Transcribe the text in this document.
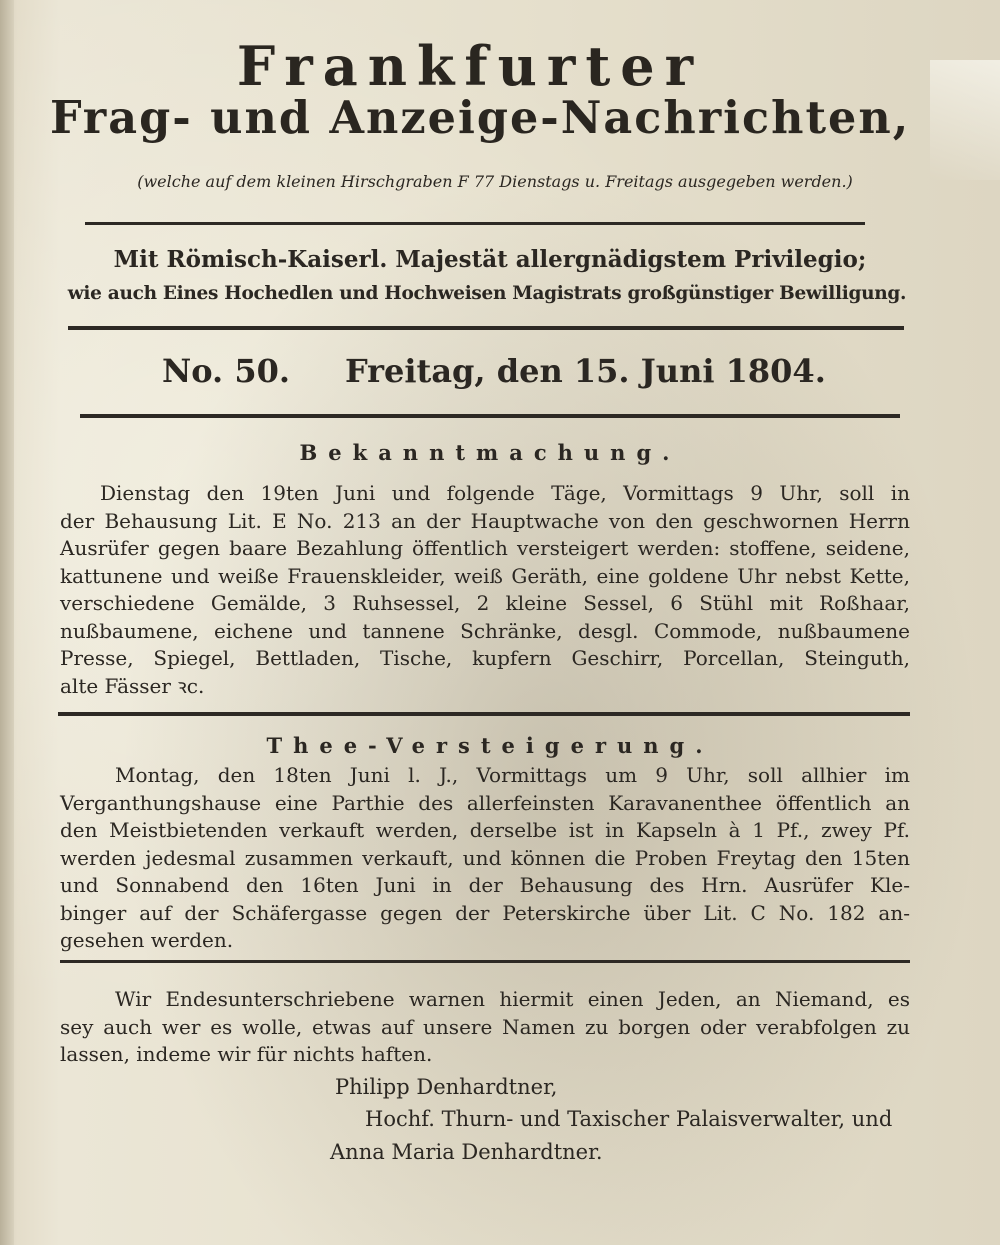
Frankfurter
Frag- und Anzeige-Nachrichten,
(welche auf dem kleinen Hirschgraben F 77 Dienstags u. Freitags ausgegeben werden.)
Mit Römisch-Kaiserl. Majestät allergnädigstem Privilegio;
wie auch Eines Hochedlen und Hochweisen Magistrats großgünstiger Bewilligung.
No. 50. Freitag, den 15. Juni 1804.
Bekanntmachung.
Dienstag den 19ten Juni und folgende Täge, Vormittags 9 Uhr, soll in
der Behausung Lit. E No. 213 an der Hauptwache von den geschwornen Herrn
Ausrüfer gegen baare Bezahlung öffentlich versteigert werden: stoffene, seidene,
kattunene und weiße Frauenskleider, weiß Geräth, eine goldene Uhr nebst Kette,
verschiedene Gemälde, 3 Ruhsessel, 2 kleine Sessel, 6 Stühl mit Roßhaar,
nußbaumene, eichene und tannene Schränke, desgl. Commode, nußbaumene
Presse, Spiegel, Bettladen, Tische, kupfern Geschirr, Porcellan, Steinguth,
alte Fässer ꝛc.
Thee-Versteigerung.
Montag, den 18ten Juni l. J., Vormittags um 9 Uhr, soll allhier im
Verganthungshause eine Parthie des allerfeinsten Karavanenthee öffentlich an
den Meistbietenden verkauft werden, derselbe ist in Kapseln à 1 Pf., zwey Pf.
werden jedesmal zusammen verkauft, und können die Proben Freytag den 15ten
und Sonnabend den 16ten Juni in der Behausung des Hrn. Ausrüfer Kle-
binger auf der Schäfergasse gegen der Peterskirche über Lit. C No. 182 an-
gesehen werden.
Wir Endesunterschriebene warnen hiermit einen Jeden, an Niemand, es
sey auch wer es wolle, etwas auf unsere Namen zu borgen oder verabfolgen zu
lassen, indeme wir für nichts haften.
Philipp Denhardtner,
Hochf. Thurn- und Taxischer Palaisverwalter, und
Anna Maria Denhardtner.
